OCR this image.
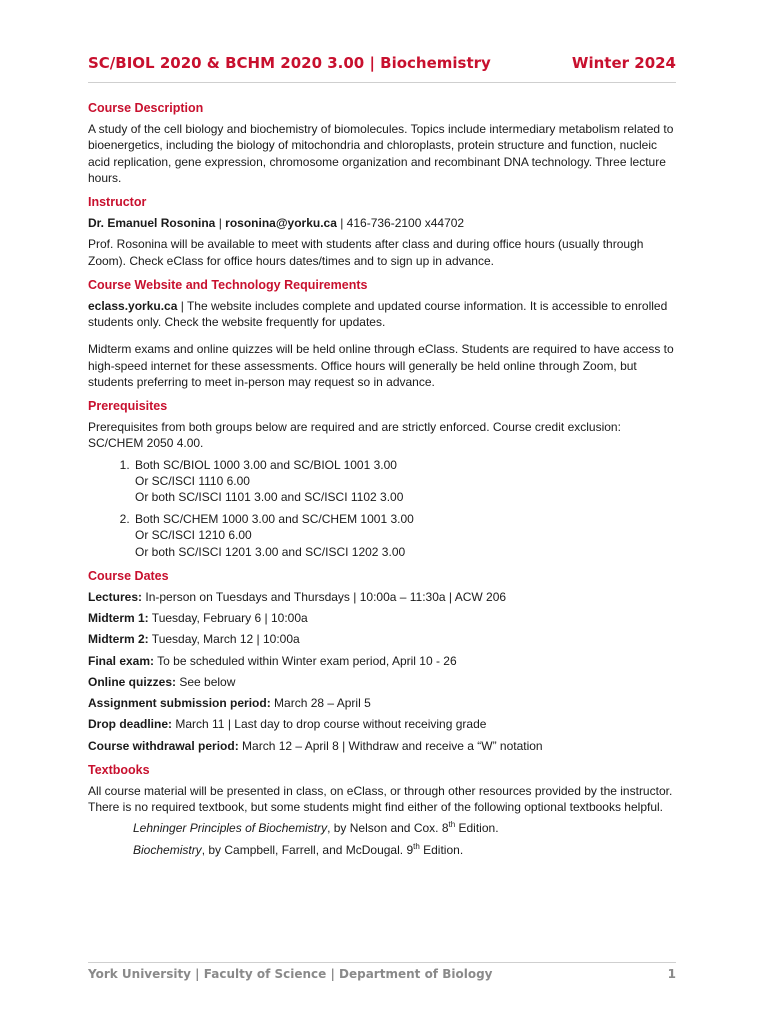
SC/BIOL 2020 & BCHM 2020 3.00 | Biochemistry	Winter 2024
Course Description

A study of the cell biology and biochemistry of biomolecules. Topics include intermediary metabolism related to bioenergetics, including the biology of mitochondria and chloroplasts, protein structure and function, nucleic acid replication, gene expression, chromosome organization and recombinant DNA technology. Three lecture hours.

Instructor

Dr. Emanuel Rosonina | rosonina@yorku.ca | 416-736-2100 x44702

Prof. Rosonina will be available to meet with students after class and during office hours (usually through Zoom). Check eClass for office hours dates/times and to sign up in advance.

Course Website and Technology Requirements

eclass.yorku.ca | The website includes complete and updated course information. It is accessible to enrolled students only. Check the website frequently for updates.

Midterm exams and online quizzes will be held online through eClass. Students are required to have access to high-speed internet for these assessments. Office hours will generally be held online through Zoom, but students preferring to meet in-person may request so in advance.

Prerequisites

Prerequisites from both groups below are required and are strictly enforced. Course credit exclusion: SC/CHEM 2050 4.00.

1. Both SC/BIOL 1000 3.00 and SC/BIOL 1001 3.00
Or SC/ISCI 1110 6.00
Or both SC/ISCI 1101 3.00 and SC/ISCI 1102 3.00
2. Both SC/CHEM 1000 3.00 and SC/CHEM 1001 3.00
Or SC/ISCI 1210 6.00
Or both SC/ISCI 1201 3.00 and SC/ISCI 1202 3.00
Course Dates
Lectures: In-person on Tuesdays and Thursdays | 10:00a – 11:30a | ACW 206
Midterm 1: Tuesday, February 6 | 10:00a
Midterm 2: Tuesday, March 12 | 10:00a
Final exam: To be scheduled within Winter exam period, April 10 - 26
Online quizzes: See below
Assignment submission period: March 28 – April 5
Drop deadline: March 11 | Last day to drop course without receiving grade
Course withdrawal period: March 12 – April 8 | Withdraw and receive a “W” notation
Textbooks

All course material will be presented in class, on eClass, or through other resources provided by the instructor. There is no required textbook, but some students might find either of the following optional textbooks helpful.

Lehninger Principles of Biochemistry, by Nelson and Cox. 8th Edition.
Biochemistry, by Campbell, Farrell, and McDougal. 9th Edition.
York University | Faculty of Science | Department of Biology	1
